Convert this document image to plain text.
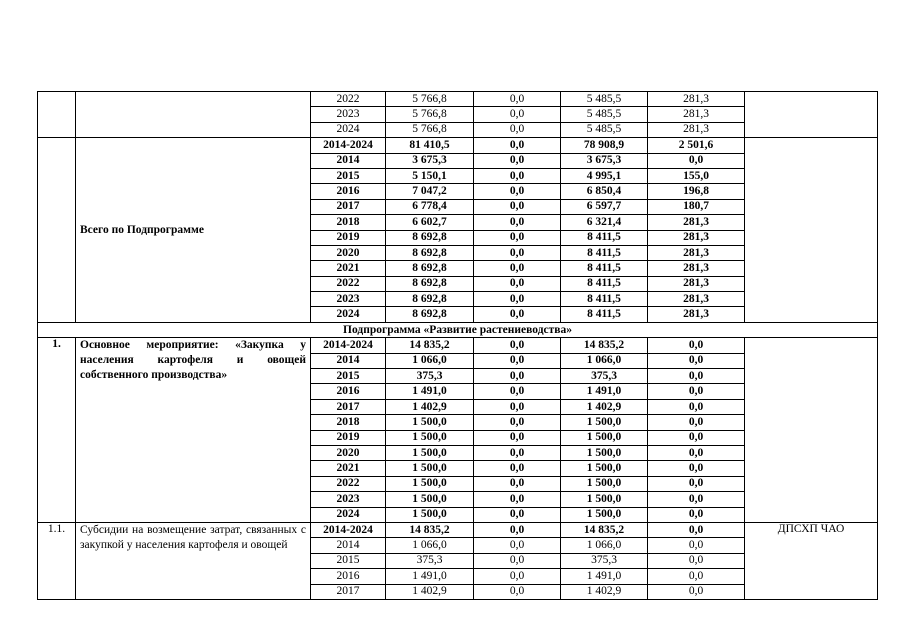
		2022	5 766,8	0,0	5 485,5	281,3	
		2023	5 766,8	0,0	5 485,5	281,3	
		2024	5 766,8	0,0	5 485,5	281,3	
	Всего по Подпрограмме	2014-2024	81 410,5	0,0	78 908,9	2 501,6	
		2014	3 675,3	0,0	3 675,3	0,0	
		2015	5 150,1	0,0	4 995,1	155,0	
		2016	7 047,2	0,0	6 850,4	196,8	
		2017	6 778,4	0,0	6 597,7	180,7	
		2018	6 602,7	0,0	6 321,4	281,3	
		2019	8 692,8	0,0	8 411,5	281,3	
		2020	8 692,8	0,0	8 411,5	281,3	
		2021	8 692,8	0,0	8 411,5	281,3	
		2022	8 692,8	0,0	8 411,5	281,3	
		2023	8 692,8	0,0	8 411,5	281,3	
		2024	8 692,8	0,0	8 411,5	281,3	
Подпрограмма «Развитие растениеводства»							
1.	Основное мероприятие: «Закупка у населения картофеля и овощей собственного производства»	2014-2024	14 835,2	0,0	14 835,2	0,0	
		2014	1 066,0	0,0	1 066,0	0,0	
		2015	375,3	0,0	375,3	0,0	
		2016	1 491,0	0,0	1 491,0	0,0	
		2017	1 402,9	0,0	1 402,9	0,0	
		2018	1 500,0	0,0	1 500,0	0,0	
		2019	1 500,0	0,0	1 500,0	0,0	
		2020	1 500,0	0,0	1 500,0	0,0	
		2021	1 500,0	0,0	1 500,0	0,0	
		2022	1 500,0	0,0	1 500,0	0,0	
		2023	1 500,0	0,0	1 500,0	0,0	
		2024	1 500,0	0,0	1 500,0	0,0	
1.1.	Субсидии на возмещение затрат, связанных с закупкой у населения картофеля и овощей	2014-2024	14 835,2	0,0	14 835,2	0,0	ДПСХП ЧАО
		2014	1 066,0	0,0	1 066,0	0,0	
		2015	375,3	0,0	375,3	0,0	
		2016	1 491,0	0,0	1 491,0	0,0	
		2017	1 402,9	0,0	1 402,9	0,0	
